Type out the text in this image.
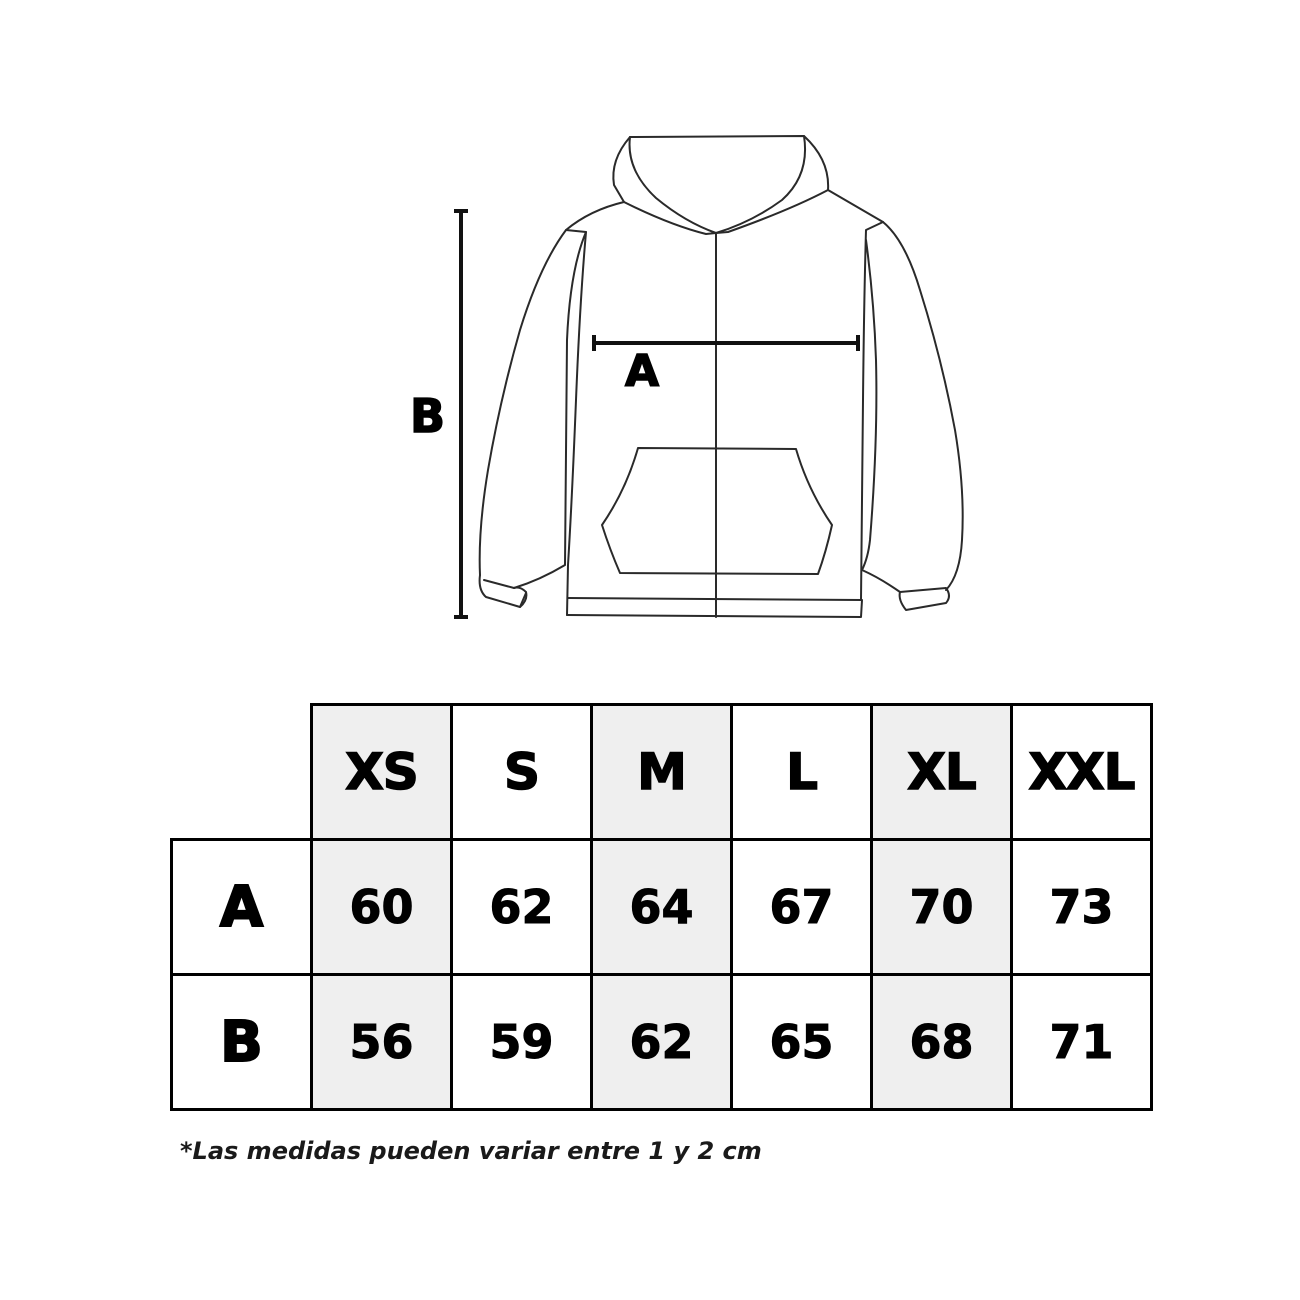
A
B
	XS	S	M	L	XL	XXL
A	60	62	64	67	70	73
B	56	59	62	65	68	71
*Las medidas pueden variar entre 1 y 2 cm
